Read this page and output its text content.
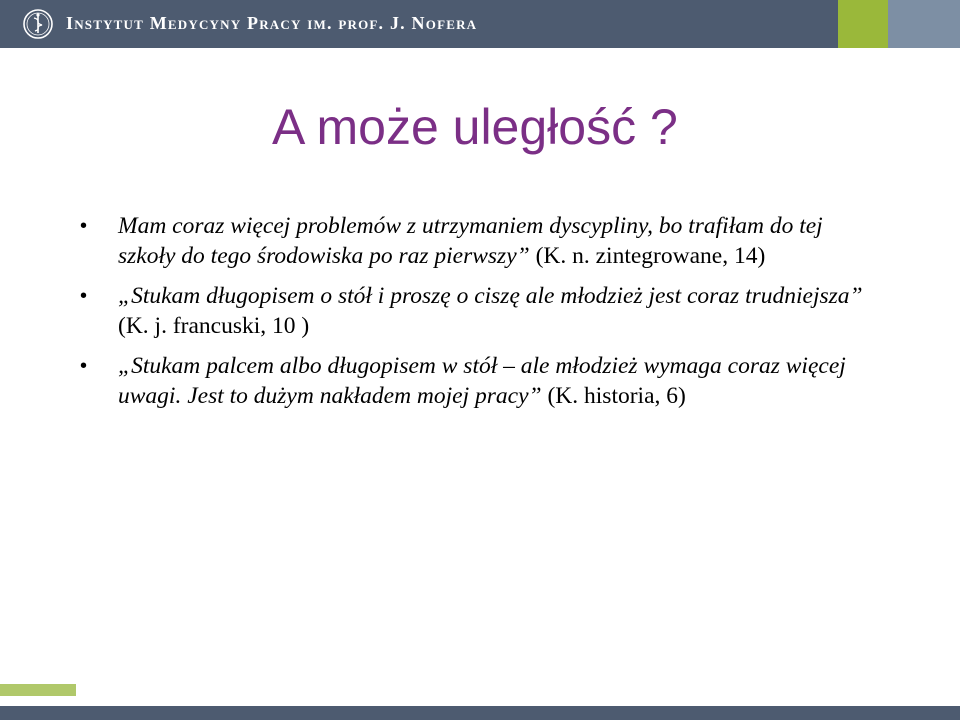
Instytut Medycyny Pracy im. prof. J. Nofera
A może uległość ?
• Mam coraz więcej problemów z utrzymaniem dyscypliny, bo trafiłam do tej szkoły do tego środowiska po raz pierwszy” (K. n. zintegrowane, 14)
• „Stukam długopisem o stół i proszę o ciszę ale młodzież jest coraz trudniejsza” (K. j. francuski, 10 )
• „Stukam palcem albo długopisem w stół – ale młodzież wymaga coraz więcej uwagi. Jest to dużym nakładem mojej pracy” (K. historia, 6)
